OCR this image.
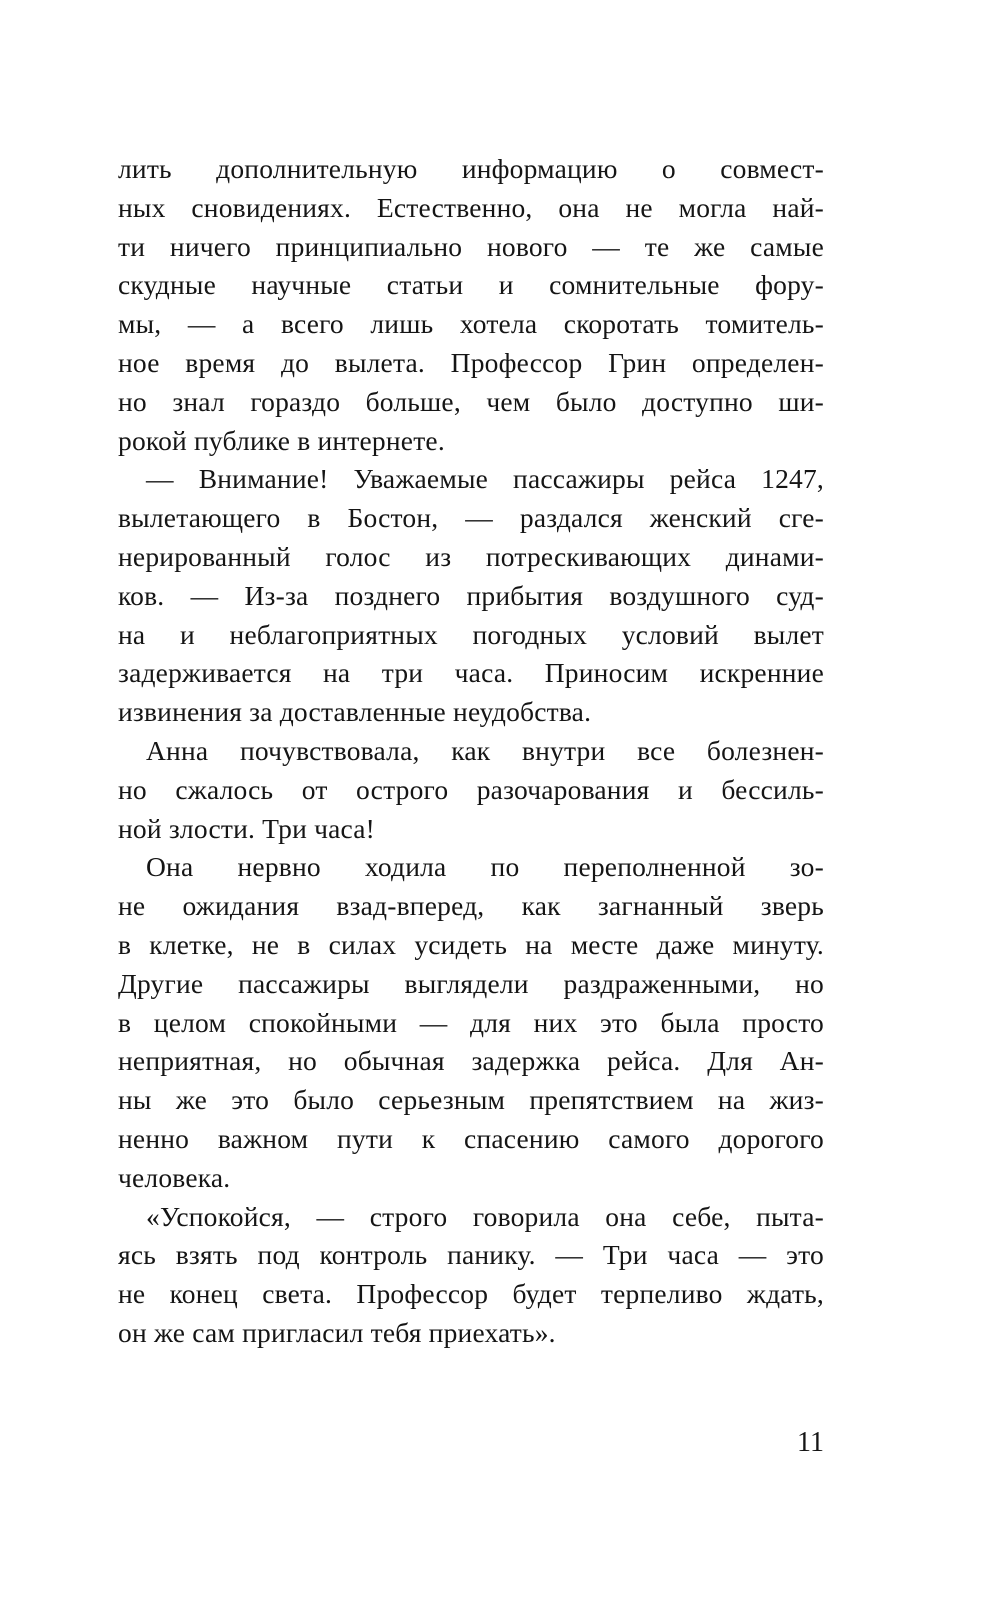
лить дополнительную информацию о совмест-
ных сновидениях. Естественно, она не могла най-
ти ничего принципиально нового — те же самые
скудные научные статьи и сомнительные фору-
мы, — а всего лишь хотела скоротать томитель-
ное время до вылета. Профессор Грин определен-
но знал гораздо больше, чем было доступно ши-
рокой публике в интернете.
— Внимание! Уважаемые пассажиры рейса 1247,
вылетающего в Бостон, — раздался женский сге-
нерированный голос из потрескивающих динами-
ков. — Из-за позднего прибытия воздушного суд-
на и неблагоприятных погодных условий вылет
задерживается на три часа. Приносим искренние
извинения за доставленные неудобства.
Анна почувствовала, как внутри все болезнен-
но сжалось от острого разочарования и бессиль-
ной злости. Три часа!
Она нервно ходила по переполненной зо-
не ожидания взад-вперед, как загнанный зверь
в клетке, не в силах усидеть на месте даже минуту.
Другие пассажиры выглядели раздраженными, но
в целом спокойными — для них это была просто
неприятная, но обычная задержка рейса. Для Ан-
ны же это было серьезным препятствием на жиз-
ненно важном пути к спасению самого дорогого
человека.
«Успокойся, — строго говорила она себе, пыта-
ясь взять под контроль панику. — Три часа — это
не конец света. Профессор будет терпеливо ждать,
он же сам пригласил тебя приехать».
11
